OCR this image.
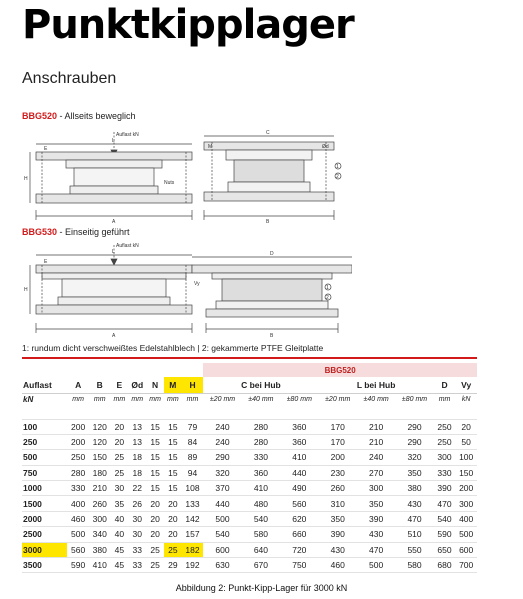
Punktkipplager
Anschrauben
BBG520 - Allseits beweglich
Auflast kN
L
E
H
A
Nuts
C
B
1
2
M	Ød
BBG530 - Einseitig geführt
Auflast kN
L
E
H
A
D
Vy
B
1
2
1: rundum dicht verschweißtes Edelstahlblech | 2: gekammerte PTFE Gleitplatte
								BBG520							
Auflast	A	B	E	Ød	N	M	H	C bei Hub			L bei Hub			D	Vy
kN	mm	mm	mm	mm	mm	mm	mm	±20 mm	±40 mm	±80 mm	±20 mm	±40 mm	±80 mm	mm	kN
100	200	120	20	13	15	15	79	240	280	360	170	210	290	250	20
250	200	120	20	13	15	15	84	240	280	360	170	210	290	250	50
500	250	150	25	18	15	15	89	290	330	410	200	240	320	300	100
750	280	180	25	18	15	15	94	320	360	440	230	270	350	330	150
1000	330	210	30	22	15	15	108	370	410	490	260	300	380	390	200
1500	400	260	35	26	20	20	133	440	480	560	310	350	430	470	300
2000	460	300	40	30	20	20	142	500	540	620	350	390	470	540	400
2500	500	340	40	30	20	20	157	540	580	660	390	430	510	590	500
3000	560	380	45	33	25	25	182	600	640	720	430	470	550	650	600
3500	590	410	45	33	25	29	192	630	670	750	460	500	580	680	700
Abbildung 2: Punkt-Kipp-Lager für 3000 kN
